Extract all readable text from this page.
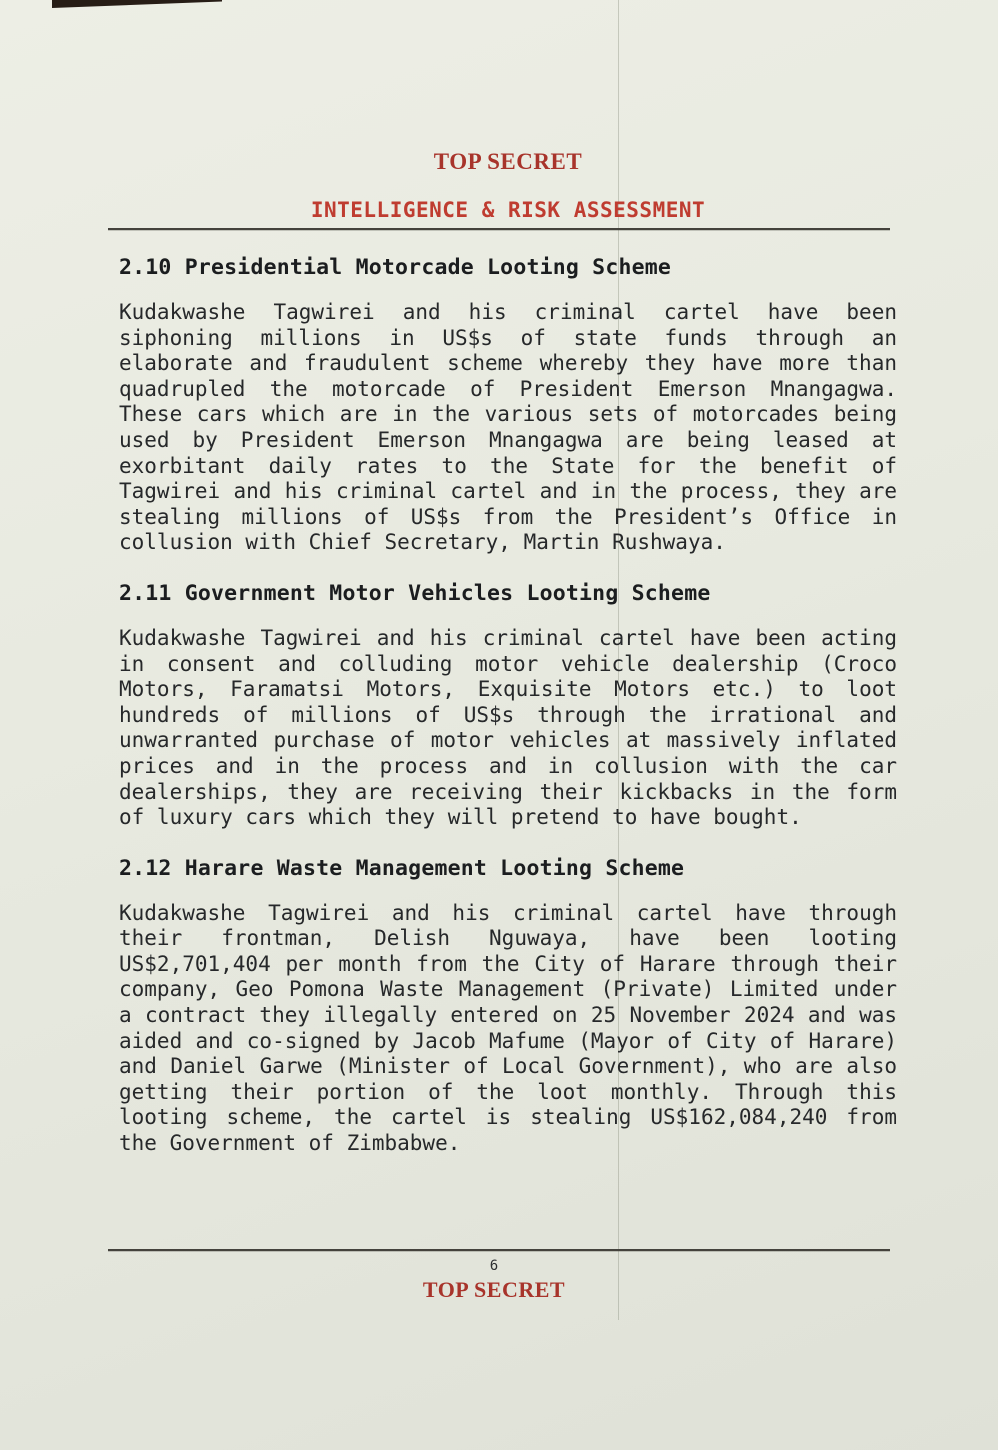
TOP SECRET
INTELLIGENCE & RISK ASSESSMENT
2.10 Presidential Motorcade Looting Scheme

Kudakwashe Tagwirei and his criminal cartel have been siphoning millions in US$s of state funds through an elaborate and fraudulent scheme whereby they have more than quadrupled the motorcade of President Emerson Mnangagwa. These cars which are in the various sets of motorcades being used by President Emerson Mnangagwa are being leased at exorbitant daily rates to the State for the benefit of Tagwirei and his criminal cartel and in the process, they are stealing millions of US$s from the President’s Office in collusion with Chief Secretary, Martin Rushwaya.

2.11 Government Motor Vehicles Looting Scheme

Kudakwashe Tagwirei and his criminal cartel have been acting in consent and colluding motor vehicle dealership (Croco Motors, Faramatsi Motors, Exquisite Motors etc.) to loot hundreds of millions of US$s through the irrational and unwarranted purchase of motor vehicles at massively inflated prices and in the process and in collusion with the car dealerships, they are receiving their kickbacks in the form of luxury cars which they will pretend to have bought.

2.12 Harare Waste Management Looting Scheme

Kudakwashe Tagwirei and his criminal cartel have through their frontman, Delish Nguwaya, have been looting US$2,701,404 per month from the City of Harare through their company, Geo Pomona Waste Management (Private) Limited under a contract they illegally entered on 25 November 2024 and was aided and co-signed by Jacob Mafume (Mayor of City of Harare) and Daniel Garwe (Minister of Local Government), who are also getting their portion of the loot monthly. Through this looting scheme, the cartel is stealing US$162,084,240 from the Government of Zimbabwe.

6
TOP SECRET
